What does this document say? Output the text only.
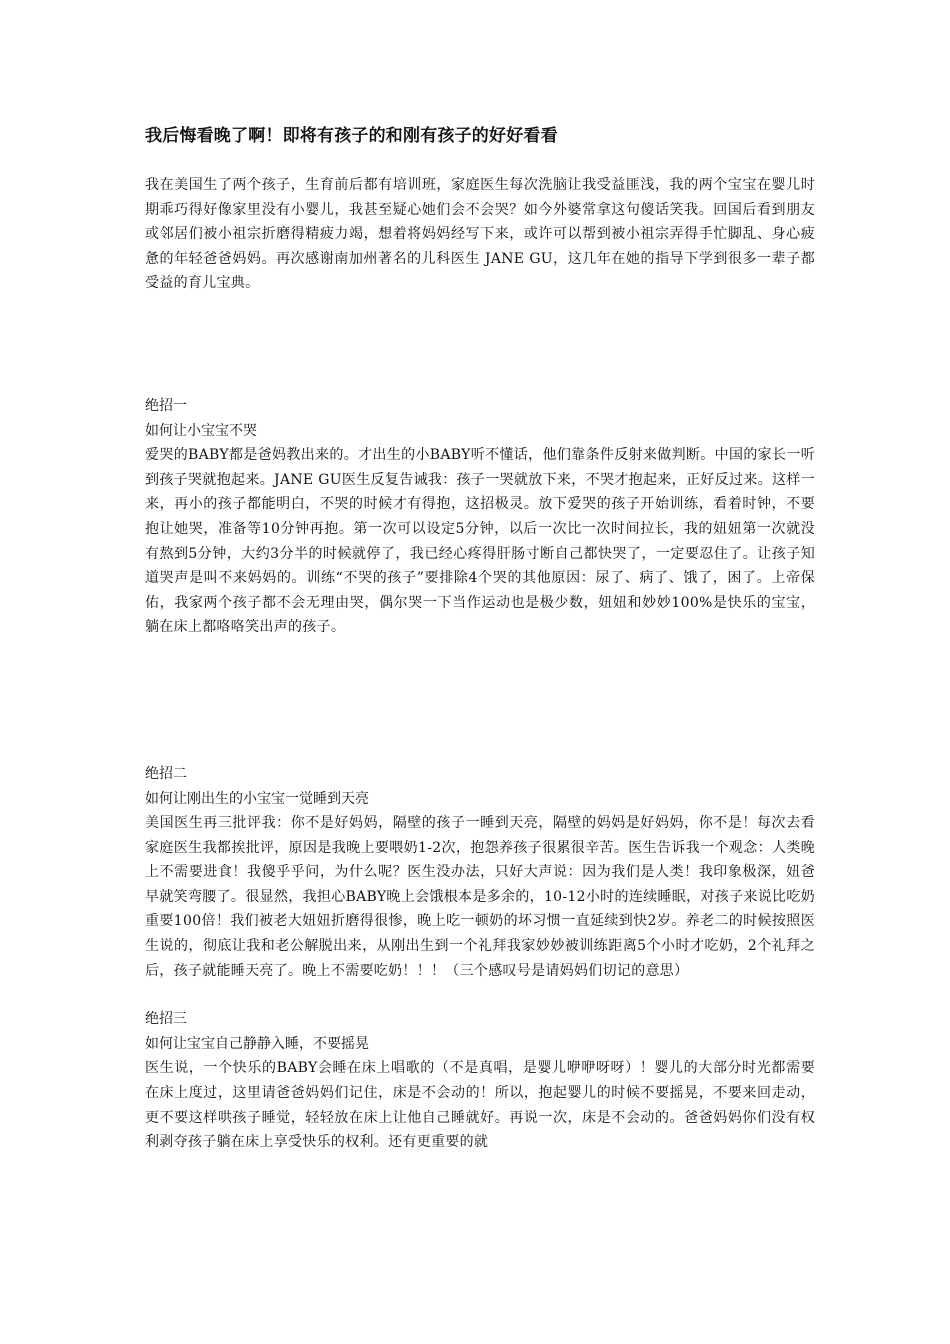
我后悔看晚了啊！即将有孩子的和刚有孩子的好好看看

我在美国生了两个孩子，生育前后都有培训班，家庭医生每次洗脑让我受益匪浅，我的两个宝宝在婴儿时期乖巧得好像家里没有小婴儿，我甚至疑心她们会不会哭？如今外婆常拿这句傻话笑我。回国后看到朋友或邻居们被小祖宗折磨得精疲力竭，想着将妈妈经写下来，或许可以帮到被小祖宗弄得手忙脚乱、身心疲惫的年轻爸爸妈妈。再次感谢南加州著名的儿科医生 JANE GU，这几年在她的指导下学到很多一辈子都受益的育儿宝典。

绝招一

如何让小宝宝不哭

爱哭的BABY都是爸妈教出来的。才出生的小BABY听不懂话，他们靠条件反射来做判断。中国的家长一听到孩子哭就抱起来。JANE GU医生反复告诫我：孩子一哭就放下来，不哭才抱起来，正好反过来。这样一来，再小的孩子都能明白，不哭的时候才有得抱，这招极灵。放下爱哭的孩子开始训练，看着时钟，不要抱让她哭，准备等10分钟再抱。第一次可以设定5分钟，以后一次比一次时间拉长，我的妞妞第一次就没有熬到5分钟，大约3分半的时候就停了，我已经心疼得肝肠寸断自己都快哭了，一定要忍住了。让孩子知道哭声是叫不来妈妈的。训练“不哭的孩子”要排除4个哭的其他原因：尿了、病了、饿了，困了。上帝保佑，我家两个孩子都不会无理由哭，偶尔哭一下当作运动也是极少数，妞妞和妙妙100%是快乐的宝宝，躺在床上都咯咯笑出声的孩子。

绝招二

如何让刚出生的小宝宝一觉睡到天亮

美国医生再三批评我：你不是好妈妈，隔壁的孩子一睡到天亮，隔壁的妈妈是好妈妈，你不是！每次去看家庭医生我都挨批评，原因是我晚上要喂奶1-2次，抱怨养孩子很累很辛苦。医生告诉我一个观念：人类晚上不需要进食！我傻乎乎问，为什么呢？医生没办法，只好大声说：因为我们是人类！我印象极深，妞爸早就笑弯腰了。很显然，我担心BABY晚上会饿根本是多余的，10-12小时的连续睡眠，对孩子来说比吃奶重要100倍！我们被老大妞妞折磨得很惨，晚上吃一顿奶的坏习惯一直延续到快2岁。养老二的时候按照医生说的，彻底让我和老公解脱出来，从刚出生到一个礼拜我家妙妙被训练距离5个小时才吃奶，2个礼拜之后，孩子就能睡天亮了。晚上不需要吃奶！！！（三个感叹号是请妈妈们切记的意思）

绝招三

如何让宝宝自己静静入睡，不要摇晃

医生说，一个快乐的BABY会睡在床上唱歌的（不是真唱，是婴儿咿咿呀呀）！婴儿的大部分时光都需要在床上度过，这里请爸爸妈妈们记住，床是不会动的！所以，抱起婴儿的时候不要摇晃，不要来回走动，更不要这样哄孩子睡觉，轻轻放在床上让他自己睡就好。再说一次，床是不会动的。爸爸妈妈你们没有权利剥夺孩子躺在床上享受快乐的权利。还有更重要的就
